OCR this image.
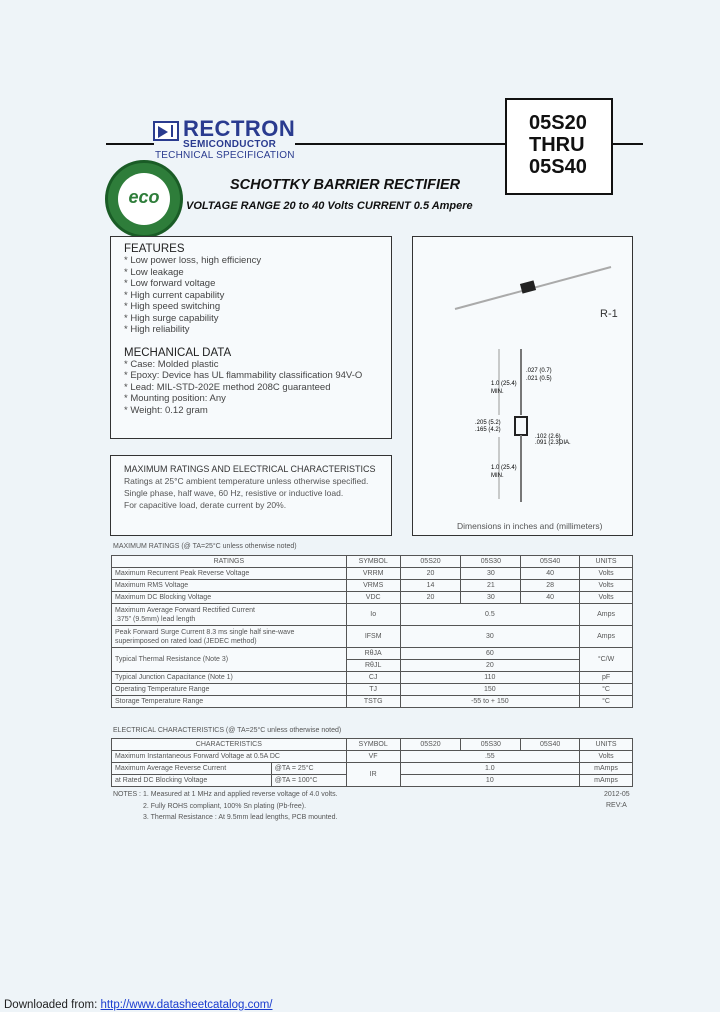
RECTRON
SEMICONDUCTOR
TECHNICAL SPECIFICATION
05S20
THRU
05S40
eco
SCHOTTKY BARRIER RECTIFIER
VOLTAGE RANGE 20 to 40 Volts CURRENT 0.5 Ampere
FEATURES
* Low power loss, high efficiency
* Low leakage
* Low forward voltage
* High current capability
* High speed switching
* High surge capability
* High reliability
MECHANICAL DATA
* Case: Molded plastic
* Epoxy: Device has UL flammability classification 94V-O
* Lead: MIL-STD-202E method 208C guaranteed
* Mounting position: Any
* Weight: 0.12 gram
R-1
.027 (0.7)
.021 (0.5)
1.0 (25.4)
MIN.
.205 (5.2)
.165 (4.2)
.102 (2.6)
.091 (2.3)
DIA.
1.0 (25.4)
MIN.
Dimensions in inches and (millimeters)
MAXIMUM RATINGS AND ELECTRICAL CHARACTERISTICS
Ratings at 25°C ambient temperature unless otherwise specified.
Single phase, half wave, 60 Hz, resistive or inductive load.
For capacitive load, derate current by 20%.
MAXIMUM RATINGS (@ TA=25°C unless otherwise noted)
RATINGS	SYMBOL	05S20	05S30	05S40	UNITS
Maximum Recurrent Peak Reverse Voltage	VRRM	20	30	40	Volts
Maximum RMS Voltage	VRMS	14	21	28	Volts
Maximum DC Blocking Voltage	VDC	20	30	40	Volts
Maximum Average Forward Rectified Current
.375" (9.5mm) lead length	Io	0.5			Amps
Peak Forward Surge Current 8.3 ms single half sine-wave
superimposed on rated load (JEDEC method)	IFSM	30			Amps
Typical Thermal Resistance (Note 3)	RθJA	60			°C/W
	RθJL	20			
Typical Junction Capacitance (Note 1)	CJ	110			pF
Operating Temperature Range	TJ	150			°C
Storage Temperature Range	TSTG	-55 to + 150			°C
ELECTRICAL CHARACTERISTICS (@ TA=25°C unless otherwise noted)
CHARACTERISTICS		SYMBOL	05S20	05S30	05S40	UNITS
Maximum Instantaneous Forward Voltage at 0.5A DC		VF	.55			Volts
Maximum Average Reverse Current	@TA = 25°C	IR	1.0			mAmps
at Rated DC Blocking Voltage	@TA = 100°C		10			mAmps
NOTES : 1. Measured at 1 MHz and applied reverse voltage of 4.0 volts.
2. Fully ROHS compliant, 100% Sn plating (Pb-free).
3. Thermal Resistance : At 9.5mm lead lengths, PCB mounted.
2012-05
REV:A
Downloaded from: http://www.datasheetcatalog.com/
